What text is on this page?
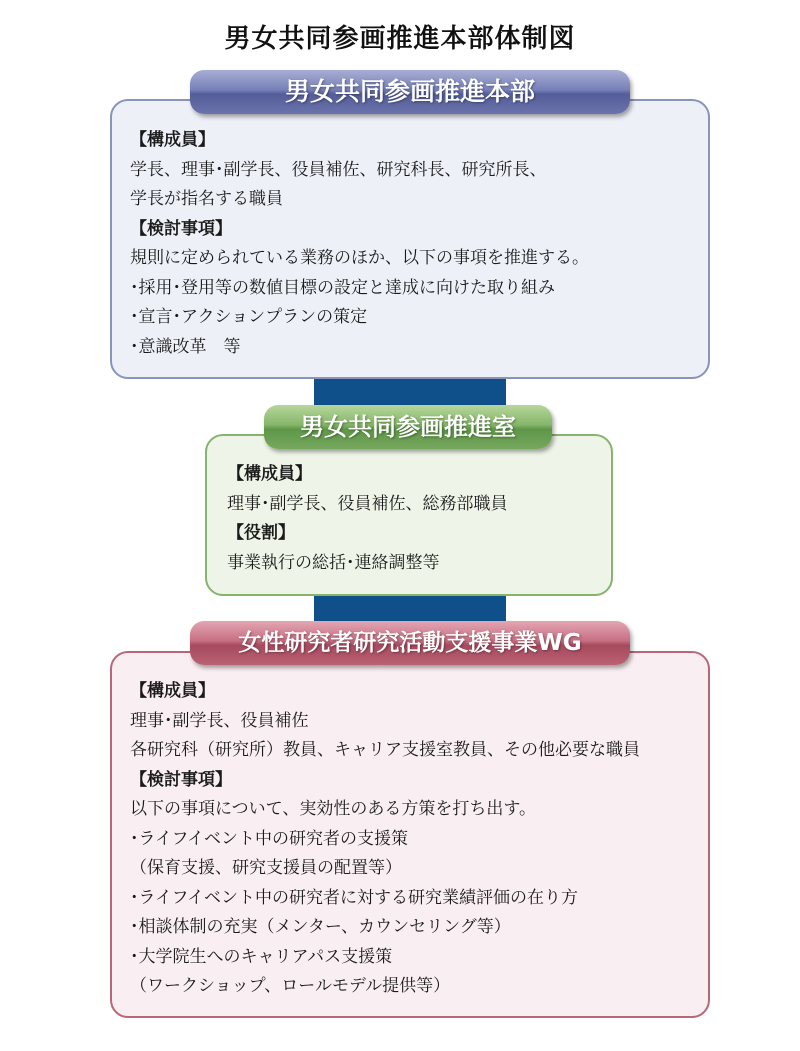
男女共同参画推進本部体制図
男女共同参画推進本部
【構成員】
学長、理事･副学長、役員補佐、研究科長、研究所長、
学長が指名する職員
【検討事項】
規則に定められている業務のほか、以下の事項を推進する。
･採用･登用等の数値目標の設定と達成に向けた取り組み
･宣言･アクションプランの策定
･意識改革　等
男女共同参画推進室
【構成員】
理事･副学長、役員補佐、総務部職員
【役割】
事業執行の総括･連絡調整等
女性研究者研究活動支援事業WG
【構成員】
理事･副学長、役員補佐
各研究科（研究所）教員、キャリア支援室教員、その他必要な職員
【検討事項】
以下の事項について、実効性のある方策を打ち出す。
･ライフイベント中の研究者の支援策
（保育支援、研究支援員の配置等）
･ライフイベント中の研究者に対する研究業績評価の在り方
･相談体制の充実（メンター、カウンセリング等）
･大学院生へのキャリアパス支援策
（ワークショップ、ロールモデル提供等）
